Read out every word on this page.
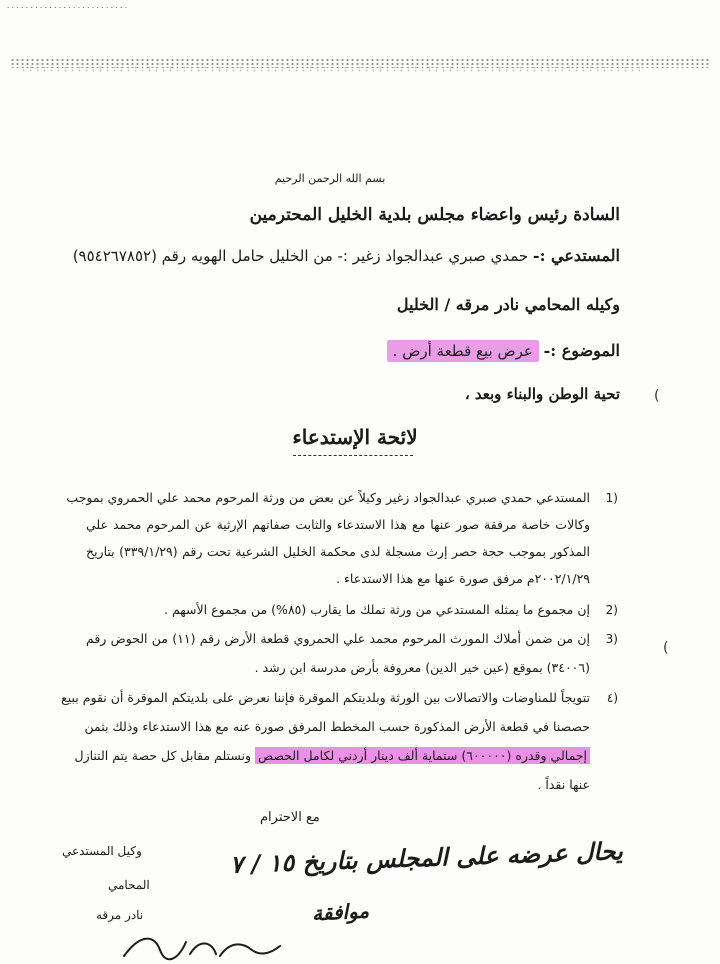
..........................
بسم الله الرحمن الرحيم
السادة رئيس واعضاء مجلس بلدية الخليل المحترمين
المستدعي :- حمدي صبري عبدالجواد زغير :- من الخليل حامل الهويه رقم (٩٥٤٢٦٧٨٥٢)
وكيله المحامي نادر مرقه / الخليل
الموضوع :- عرض بيع قطعة أرض .
(
تحية الوطن والبناء وبعد ،
لائحة الإستدعاء
1)
المستدعي حمدي صبري عبدالجواد زغير وكيلاً عن بعض من ورثة المرحوم محمد علي الحمروي بموجب
وكالات خاصة مرفقة صور عنها مع هذا الاستدعاء والثابت صفاتهم الإرثية عن المرحوم محمد علي
المذكور بموجب حجة حصر إرث مسجلة لدى محكمة الخليل الشرعية تحت رقم (٣٣٩/١/٢٩) بتاريخ
٢٠٠٢/١/٢٩م مرفق صورة عنها مع هذا الاستدعاء .
2)
إن مجموع ما يمثله المستدعي من ورثة تملك ما يقارب (٨٥%) من مجموع الأسهم .
3)
إن من ضمن أملاك المورث المرحوم محمد علي الحمروي قطعة الأرض رقم (١١) من الحوض رقم
(٣٤٠٠٦) بموقع (عين خير الدين) معروفة بأرض مدرسة ابن رشد .
(
٤)
تتويجاً للمناوضات والاتصالات بين الورثة وبلديتكم الموقرة فإننا نعرض على بلديتكم الموقرة أن نقوم ببيع
حصصنا في قطعة الأرض المذكورة حسب المخطط المرفق صورة عنه مع هذا الاستدعاء وذلك بثمن
إجمالي وقدره (٦٠٠٠٠٠) ستماية ألف دينار أردني لكامل الحصص ونستلم مقابل كل حصة يتم التنازل
عنها نقداً .
مع الاحترام
يحال عرضه على المجلس بتاريخ ١٥ / ٧
موافقة
وكيل المستدعي
المحامي
نادر مرقه
